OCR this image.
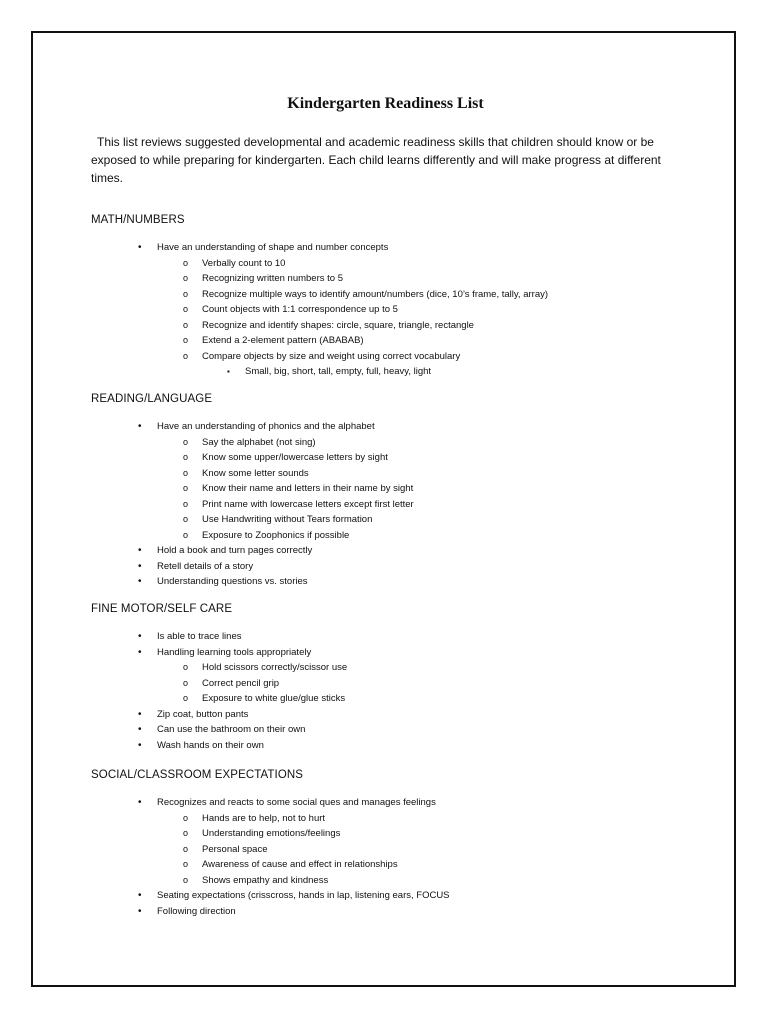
Kindergarten Readiness List
This list reviews suggested developmental and academic readiness skills that children should know or be exposed to while preparing for kindergarten. Each child learns differently and will make progress at different times.
MATH/NUMBERS
• Have an understanding of shape and number concepts
o Verbally count to 10
o Recognizing written numbers to 5
o Recognize multiple ways to identify amount/numbers (dice, 10’s frame, tally, array)
o Count objects with 1:1 correspondence up to 5
o Recognize and identify shapes: circle, square, triangle, rectangle
o Extend a 2-element pattern (ABABAB)
o Compare objects by size and weight using correct vocabulary
▪ Small, big, short, tall, empty, full, heavy, light
READING/LANGUAGE
• Have an understanding of phonics and the alphabet
o Say the alphabet (not sing)
o Know some upper/lowercase letters by sight
o Know some letter sounds
o Know their name and letters in their name by sight
o Print name with lowercase letters except first letter
o Use Handwriting without Tears formation
o Exposure to Zoophonics if possible
• Hold a book and turn pages correctly
• Retell details of a story
• Understanding questions vs. stories
FINE MOTOR/SELF CARE
• Is able to trace lines
• Handling learning tools appropriately
o Hold scissors correctly/scissor use
o Correct pencil grip
o Exposure to white glue/glue sticks
• Zip coat, button pants
• Can use the bathroom on their own
• Wash hands on their own
SOCIAL/CLASSROOM EXPECTATIONS
• Recognizes and reacts to some social ques and manages feelings
o Hands are to help, not to hurt
o Understanding emotions/feelings
o Personal space
o Awareness of cause and effect in relationships
o Shows empathy and kindness
• Seating expectations (crisscross, hands in lap, listening ears, FOCUS
• Following direction
